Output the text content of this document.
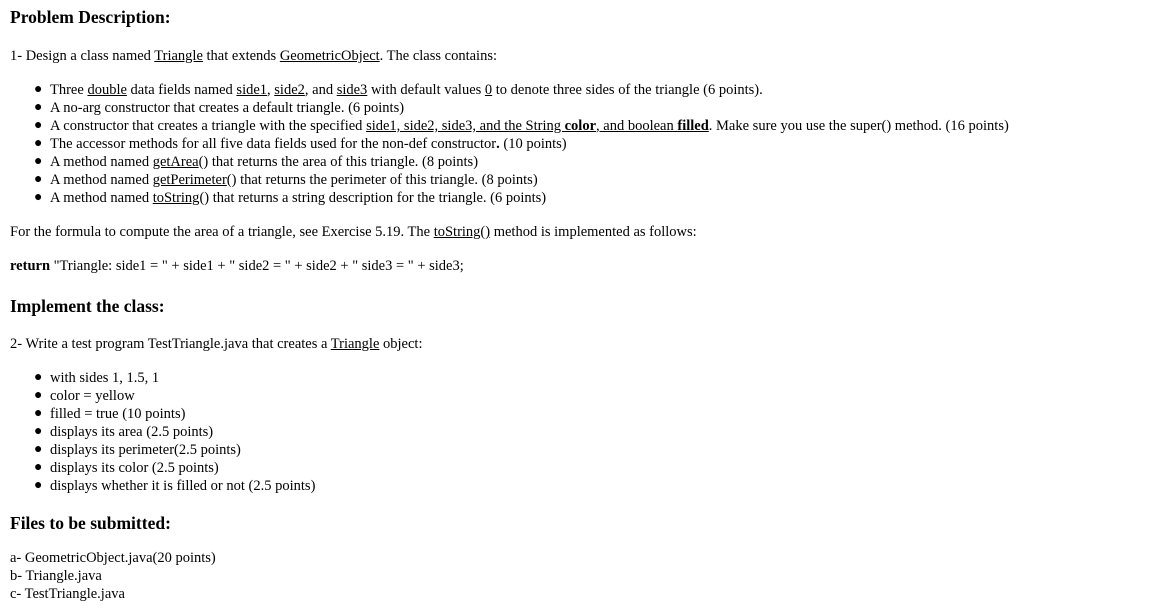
Problem Description:

1- Design a class named Triangle that extends GeometricObject. The class contains:

● Three double data fields named side1, side2, and side3 with default values 0 to denote three sides of the triangle (6 points).
● A no-arg constructor that creates a default triangle. (6 points)
● A constructor that creates a triangle with the specified side1, side2, side3, and the String color, and boolean filled. Make sure you use the super() method. (16 points)
● The accessor methods for all five data fields used for the non-def constructor. (10 points)
● A method named getArea() that returns the area of this triangle. (8 points)
● A method named getPerimeter() that returns the perimeter of this triangle. (8 points)
● A method named toString() that returns a string description for the triangle. (6 points)

For the formula to compute the area of a triangle, see Exercise 5.19. The toString() method is implemented as follows:

return "Triangle: side1 = " + side1 + " side2 = " + side2 + " side3 = " + side3;

Implement the class:

2- Write a test program TestTriangle.java that creates a Triangle object:

● with sides 1, 1.5, 1
● color = yellow
● filled = true (10 points)
● displays its area (2.5 points)
● displays its perimeter(2.5 points)
● displays its color (2.5 points)
● displays whether it is filled or not (2.5 points)
Files to be submitted:

a- GeometricObject.java(20 points)

b- Triangle.java

c- TestTriangle.java
